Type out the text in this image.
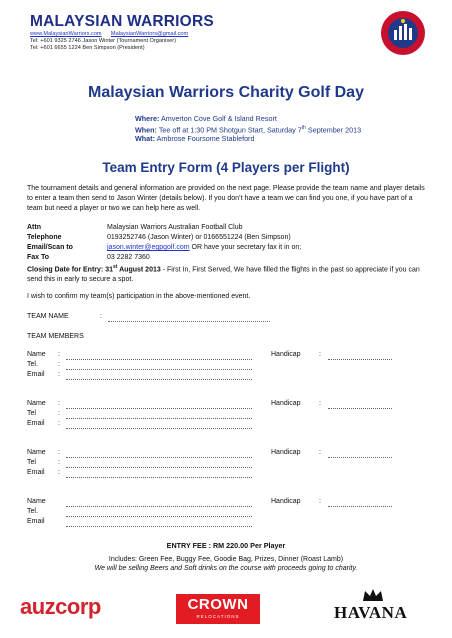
MALAYSIAN WARRIORS
www.MalaysianWarriors.com MalaysianWarriors@gmail.com
Tel: +601 9325 2746 Jason Winter (Tournament Organiser)
Tel: +601 6655 1224 Ben Simpson (President)
Malaysian Warriors Charity Golf Day
Where: Amverton Cove Golf & Island Resort
When: Tee off at 1:30 PM Shotgun Start, Saturday 7th September 2013
What: Ambrose Foursome Stableford
Team Entry Form (4 Players per Flight)
The tournament details and general information are provided on the next page. Please provide the team name and player details to enter a team then send to Jason Winter (details below). If you don’t have a team we can find you one, if you have part of a team but need a player or two we can help here as well.
Attn	Malaysian Warriors Australian Football Club
Telephone	0193252746 (Jason Winter) or 0166551224 (Ben Simpson)
Email/Scan to	jason.winter@egpgolf.com OR have your secretary fax it in on;
Fax To	03 2282 7360
Closing Date for Entry: 31st August 2013 - First In, First Served, We have filled the flights in the past so appreciate if you can send this in early to secure a spot.
I wish to confirm my team(s) participation in the above-mentioned event.
TEAM NAME	:
TEAM MEMBERS
Name :	Handicap	:
Tel.	:
Email :
Name :	Handicap	:
Tel	:
Email :
Name :	Handicap	:
Tel	:
Email :
Name	Handicap	:
Tel.
Email
ENTRY FEE : RM 220.00 Per Player
Includes: Green Fee, Buggy Fee, Goodie Bag, Prizes, Dinner (Roast Lamb)
We will be selling Beers and Soft drinks on the course with proceeds going to charity.
auzcorp	CROWN
RELOCATIONS	HAVANA
